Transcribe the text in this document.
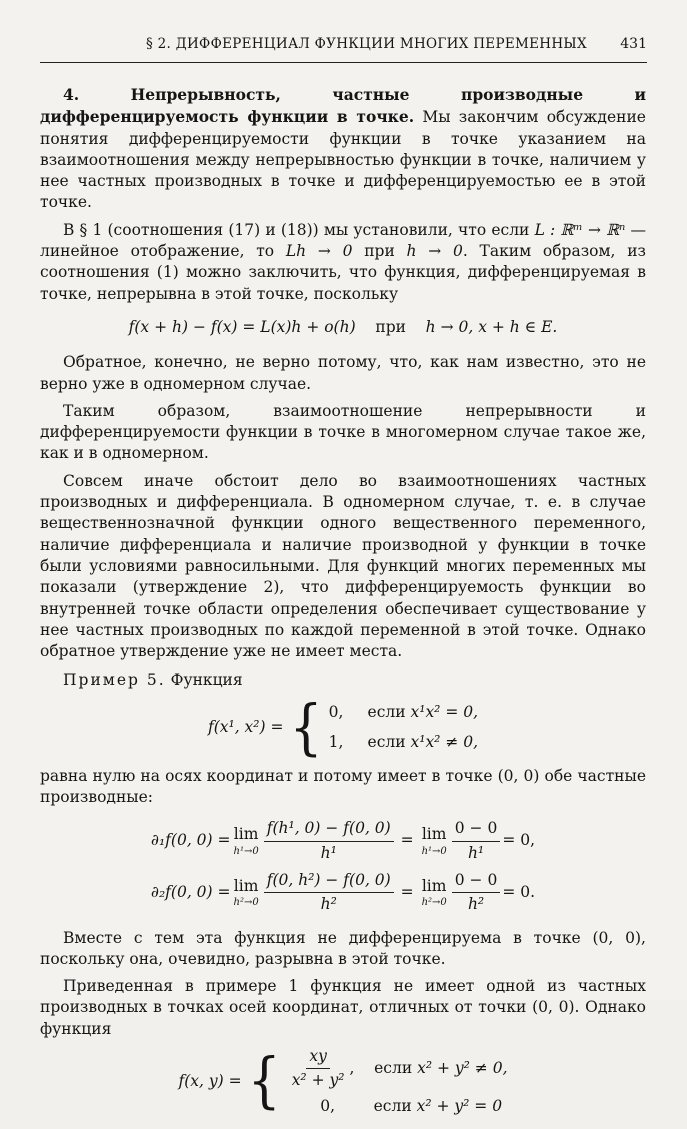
§ 2. ДИФФЕРЕНЦИАЛ ФУНКЦИИ МНОГИХ ПЕРЕМЕННЫХ 431

4. Непрерывность, частные производные и дифференцируемость функции в точке. Мы закончим обсуждение понятия дифференцируемости функции в точке указанием на взаимоотношения между непрерывностью функции в точке, наличием у нее частных производных в точке и дифференцируемостью ее в этой точке.

В § 1 (соотношения (17) и (18)) мы установили, что если L : ℝᵐ → ℝⁿ — линейное отображение, то Lh → 0 при h → 0. Таким образом, из соотношения (1) можно заключить, что функция, дифференцируемая в точке, непрерывна в этой точке, поскольку

f(x + h) − f(x) = L(x)h + o(h) при h → 0, x + h ∈ E.

Обратное, конечно, не верно потому, что, как нам известно, это не верно уже в одномерном случае.

Таким образом, взаимоотношение непрерывности и дифференцируемости функции в точке в многомерном случае такое же, как и в одномерном.

Совсем иначе обстоит дело во взаимоотношениях частных производных и дифференциала. В одномерном случае, т. е. в случае вещественнозначной функции одного вещественного переменного, наличие дифференциала и наличие производной у функции в точке были условиями равносильными. Для функций многих переменных мы показали (утверждение 2), что дифференцируемость функции во внутренней точке области определения обеспечивает существование у нее частных производных по каждой переменной в этой точке. Однако обратное утверждение уже не имеет места.

Пример 5. Функция

f(x¹, x²) = { 0, если x¹x² = 0,
1, если x¹x² ≠ 0,

равна нулю на осях координат и потому имеет в точке (0, 0) обе частные производные:

∂₁f(0, 0) = lim
$h^1\to 0 \frac{\text{f(h¹, 0) − f(0, 0)}}{\text{h¹}} = \lim$
$h^1\to 0 \frac{0 - 0}{\text{h¹}} = 0$,
∂₂f(0, 0) = lim
$h^2\to 0 \frac{\text{f(0, h²) − f(0, 0)}}{\text{h²}} = \lim$
$h^2\to 0 \frac{0 - 0}{\text{h²}} = 0$.

Вместе с тем эта функция не дифференцируема в точке (0, 0), поскольку она, очевидно, разрывна в этой точке.

Приведенная в примере 1 функция не имеет одной из частных производных в точках осей координат, отличных от точки (0, 0). Однако функция

f(x, y) = { $\frac{xy}{\text{x² + y²}}$ , если x² + y² ≠ 0,
0, если x² + y² = 0
